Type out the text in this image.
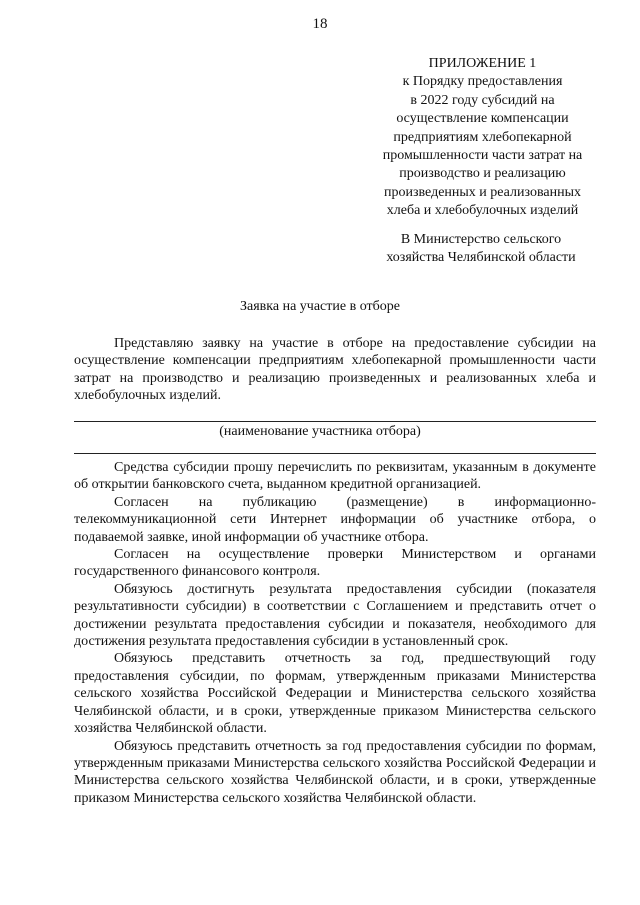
18
ПРИЛОЖЕНИЕ 1
к Порядку предоставления
в 2022 году субсидий на
осуществление компенсации
предприятиям хлебопекарной
промышленности части затрат на
производство и реализацию
произведенных и реализованных
хлеба и хлебобулочных изделий
В Министерство сельского
хозяйства Челябинской области
Заявка на участие в отборе

Представляю заявку на участие в отборе на предоставление субсидии на осуществление компенсации предприятиям хлебопекарной промышленности части затрат на производство и реализацию произведенных и реализованных хлеба и хлебобулочных изделий.

(наименование участника отбора)

Средства субсидии прошу перечислить по реквизитам, указанным в документе об открытии банковского счета, выданном кредитной организацией.

Согласен на публикацию (размещение) в информационно-телекоммуникационной сети Интернет информации об участнике отбора, о подаваемой заявке, иной информации об участнике отбора.

Согласен на осуществление проверки Министерством и органами государственного финансового контроля.

Обязуюсь достигнуть результата предоставления субсидии (показателя результативности субсидии) в соответствии с Соглашением и представить отчет о достижении результата предоставления субсидии и показателя, необходимого для достижения результата предоставления субсидии в установленный срок.

Обязуюсь представить отчетность за год, предшествующий году предоставления субсидии, по формам, утвержденным приказами Министерства сельского хозяйства Российской Федерации и Министерства сельского хозяйства Челябинской области, и в сроки, утвержденные приказом Министерства сельского хозяйства Челябинской области.

Обязуюсь представить отчетность за год предоставления субсидии по формам, утвержденным приказами Министерства сельского хозяйства Российской Федерации и Министерства сельского хозяйства Челябинской области, и в сроки, утвержденные приказом Министерства сельского хозяйства Челябинской области.
